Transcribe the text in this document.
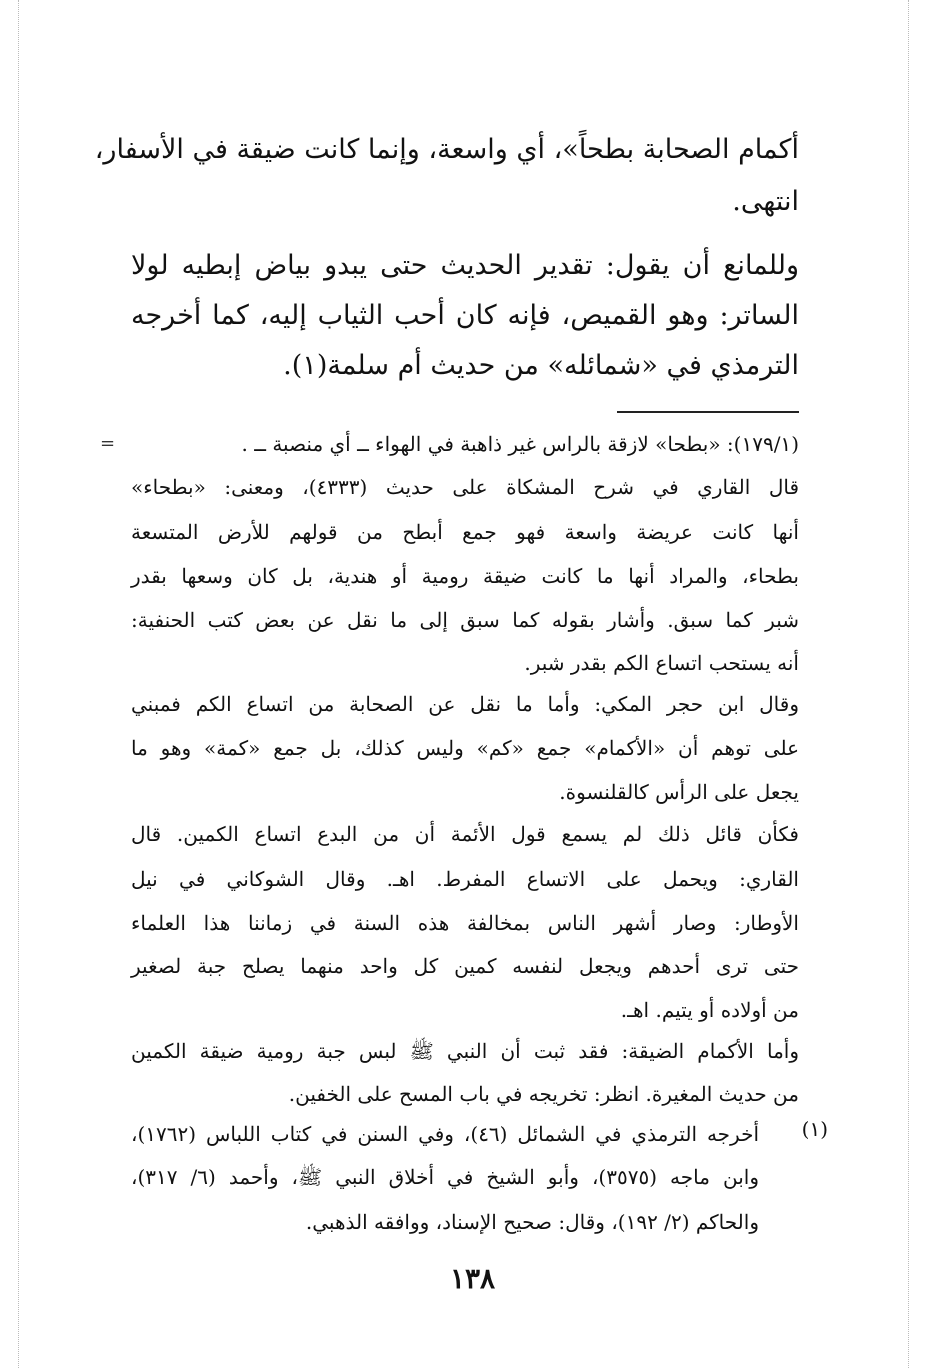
أكمام الصحابة بطحاً»، أي واسعة، وإنما كانت ضيقة في الأسفار،
انتهى.
وللمانع أن يقول: تقدير الحديث حتى يبدو بياض إبطيه لولا
الساتر: وهو القميص، فإنه كان أحب الثياب إليه، كما أخرجه
الترمذي في «شمائله» من حديث أم سلمة(١).
=	(١٧٩/١): «بطحا» لازقة بالراس غير ذاهبة في الهواء ــ أي منصبة ــ .
قال القاري في شرح المشكاة على حديث (٤٣٣٣)، ومعنى: «بطحاء»
أنها كانت عريضة واسعة فهو جمع أبطح من قولهم للأرض المتسعة
بطحاء، والمراد أنها ما كانت ضيقة رومية أو هندية، بل كان وسعها بقدر
شبر كما سبق. وأشار بقوله كما سبق إلى ما نقل عن بعض كتب الحنفية:
أنه يستحب اتساع الكم بقدر شبر.
وقال ابن حجر المكي: وأما ما نقل عن الصحابة من اتساع الكم فمبني
على توهم أن «الأكمام» جمع «كم» وليس كذلك، بل جمع «كمة» وهو ما
يجعل على الرأس كالقلنسوة.
فكأن قائل ذلك لم يسمع قول الأئمة أن من البدع اتساع الكمين. قال
القاري: ويحمل على الاتساع المفرط. اهـ. وقال الشوكاني في نيل
الأوطار: وصار أشهر الناس بمخالفة هذه السنة في زماننا هذا العلماء
حتى ترى أحدهم ويجعل لنفسه كمين كل واحد منهما يصلح جبة لصغير
من أولاده أو يتيم. اهـ.
وأما الأكمام الضيقة: فقد ثبت أن النبي ﷺ لبس جبة رومية ضيقة الكمين
من حديث المغيرة. انظر: تخريجه في باب المسح على الخفين.
(١)
أخرجه الترمذي في الشمائل (٤٦)، وفي السنن في كتاب اللباس (١٧٦٢)،
وابن ماجه (٣٥٧٥)، وأبو الشيخ في أخلاق النبي ﷺ، وأحمد (٦/ ٣١٧)،
والحاكم (٢/ ١٩٢)، وقال: صحيح الإسناد، ووافقه الذهبي.
١٣٨
